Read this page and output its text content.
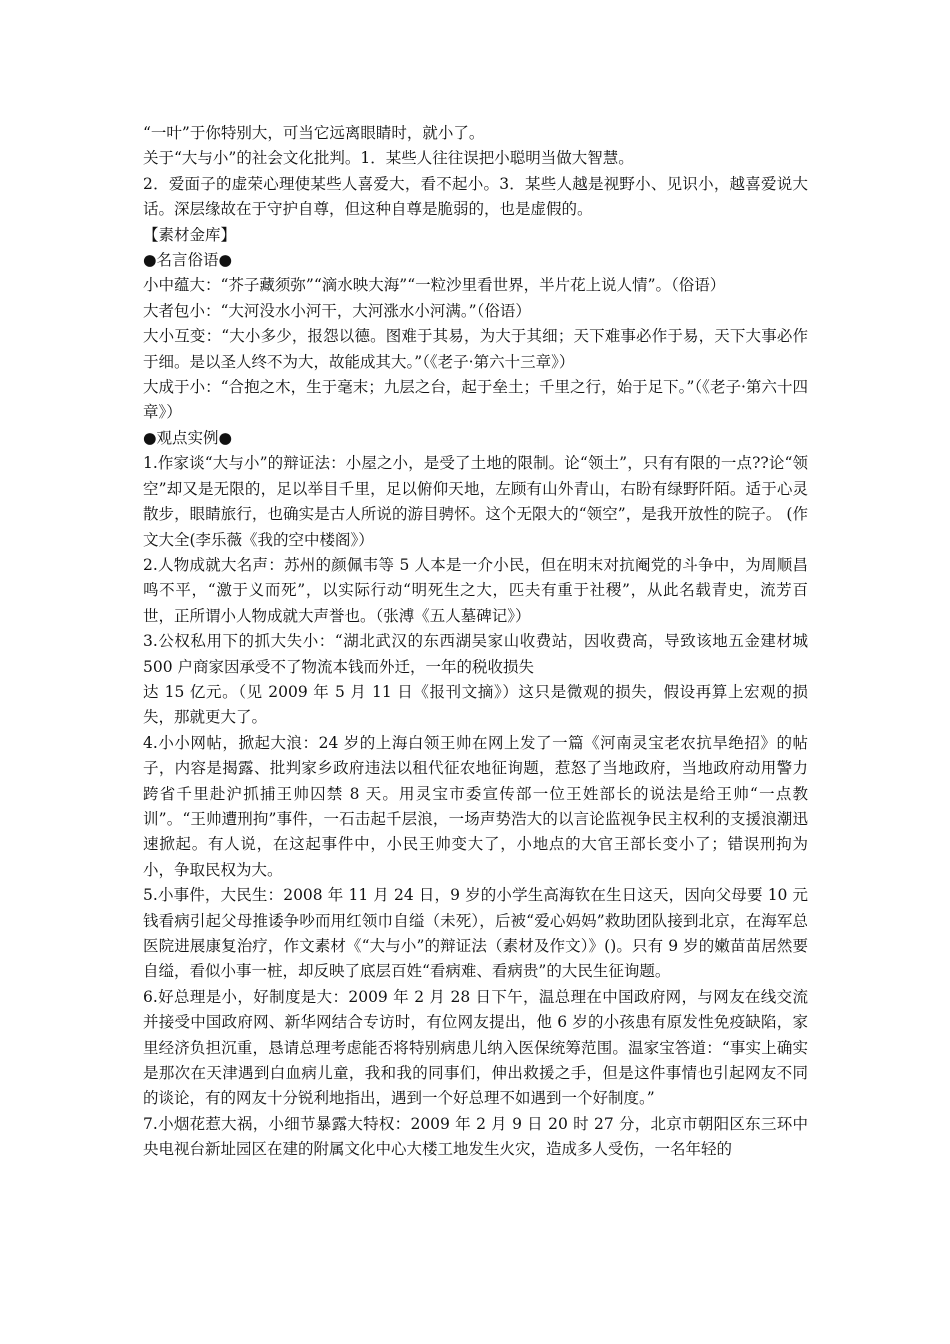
“一叶”于你特别大，可当它远离眼睛时，就小了。

关于“大与小”的社会文化批判。1．某些人往往误把小聪明当做大智慧。

2．爱面子的虚荣心理使某些人喜爱大，看不起小。3．某些人越是视野小、见识小，越喜爱说大话。深层缘故在于守护自尊，但这种自尊是脆弱的，也是虚假的。

【素材金库】

●名言俗语●

小中蕴大：“芥子藏须弥”“滴水映大海”“一粒沙里看世界，半片花上说人情”。（俗语）

大者包小：“大河没水小河干，大河涨水小河满。”（俗语）

大小互变：“大小多少，报怨以德。图难于其易，为大于其细；天下难事必作于易，天下大事必作于细。是以圣人终不为大，故能成其大。”（《老子·第六十三章》）

大成于小：“合抱之木，生于毫末；九层之台，起于垒土；千里之行，始于足下。”（《老子·第六十四章》）

●观点实例●

1.作家谈“大与小”的辩证法：小屋之小，是受了土地的限制。论“领土”，只有有限的一点??论“领空”却又是无限的，足以举目千里，足以俯仰天地，左顾有山外青山，右盼有绿野阡陌。适于心灵散步，眼睛旅行，也确实是古人所说的游目骋怀。这个无限大的“领空”，是我开放性的院子。 (作文大全(李乐薇《我的空中楼阁》）

2.人物成就大名声：苏州的颜佩韦等 5 人本是一介小民，但在明末对抗阉党的斗争中，为周顺昌鸣不平，“激于义而死”，以实际行动“明死生之大，匹夫有重于社稷”，从此名载青史，流芳百世，正所谓小人物成就大声誉也。（张溥《五人墓碑记》）

3.公权私用下的抓大失小：“湖北武汉的东西湖吴家山收费站，因收费高，导致该地五金建材城 500 户商家因承受不了物流本钱而外迁，一年的税收损失

达 15 亿元。（见 2009 年 5 月 11 日《报刊文摘》）这只是微观的损失，假设再算上宏观的损失，那就更大了。

4.小小网帖，掀起大浪：24 岁的上海白领王帅在网上发了一篇《河南灵宝老农抗旱绝招》的帖子，内容是揭露、批判家乡政府违法以租代征农地征询题，惹怒了当地政府，当地政府动用警力跨省千里赴沪抓捕王帅囚禁 8 天。用灵宝市委宣传部一位王姓部长的说法是给王帅“一点教训”。“王帅遭刑拘”事件，一石击起千层浪，一场声势浩大的以言论监视争民主权利的支援浪潮迅速掀起。有人说，在这起事件中，小民王帅变大了，小地点的大官王部长变小了；错误刑拘为小，争取民权为大。

5.小事件，大民生：2008 年 11 月 24 日，9 岁的小学生高海钦在生日这天，因向父母要 10 元钱看病引起父母推诿争吵而用红领巾自缢（未死），后被“爱心妈妈”救助团队接到北京，在海军总医院进展康复治疗，作文素材《“大与小”的辩证法（素材及作文）》()。只有 9 岁的嫩苗苗居然要自缢，看似小事一桩，却反映了底层百姓“看病难、看病贵”的大民生征询题。

6.好总理是小，好制度是大：2009 年 2 月 28 日下午，温总理在中国政府网，与网友在线交流并接受中国政府网、新华网结合专访时，有位网友提出，他 6 岁的小孩患有原发性免疫缺陷，家里经济负担沉重，恳请总理考虑能否将特别病患儿纳入医保统筹范围。温家宝答道：“事实上确实是那次在天津遇到白血病儿童，我和我的同事们，伸出救援之手，但是这件事情也引起网友不同的谈论，有的网友十分锐利地指出，遇到一个好总理不如遇到一个好制度。”

7.小烟花惹大祸，小细节暴露大特权：2009 年 2 月 9 日 20 时 27 分，北京市朝阳区东三环中央电视台新址园区在建的附属文化中心大楼工地发生火灾，造成多人受伤，一名年轻的
